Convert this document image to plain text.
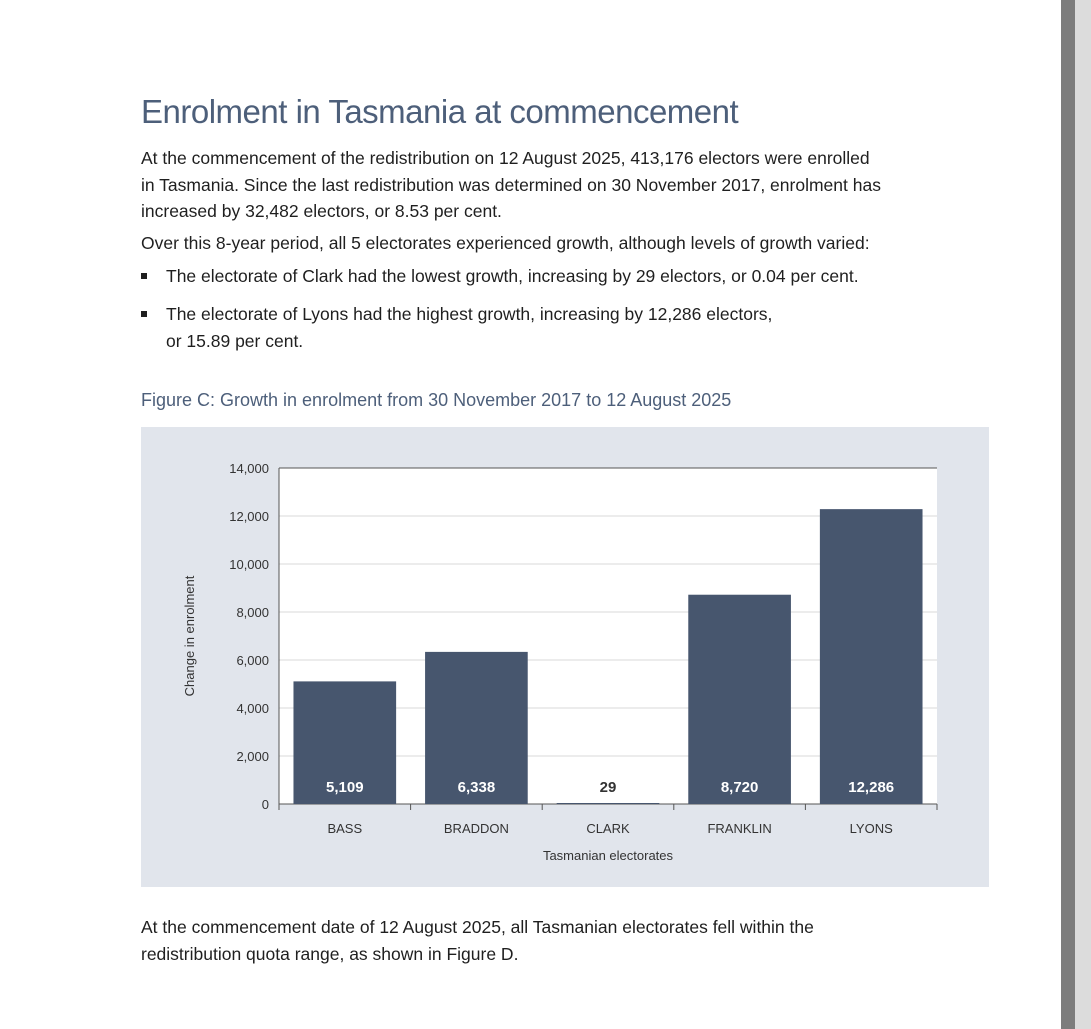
Enrolment in Tasmania at commencement

At the commencement of the redistribution on 12 August 2025, 413,176 electors were enrolled
in Tasmania. Since the last redistribution was determined on 30 November 2017, enrolment has
increased by 32,482 electors, or 8.53 per cent.

Over this 8-year period, all 5 electorates experienced growth, although levels of growth varied:

The electorate of Clark had the lowest growth, increasing by 29 electors, or 0.04 per cent.
The electorate of Lyons had the highest growth, increasing by 12,286 electors,
or 15.89 per cent.

Figure C: Growth in enrolment from 30 November 2017 to 12 August 2025

0
2,000
4,000
6,000
8,000
10,000
12,000
14,000
5,109
BASS
6,338
BRADDON
29
CLARK
8,720
FRANKLIN
12,286
LYONS
Tasmanian electorates
Change in enrolment

At the commencement date of 12 August 2025, all Tasmanian electorates fell within the
redistribution quota range, as shown in Figure D.
